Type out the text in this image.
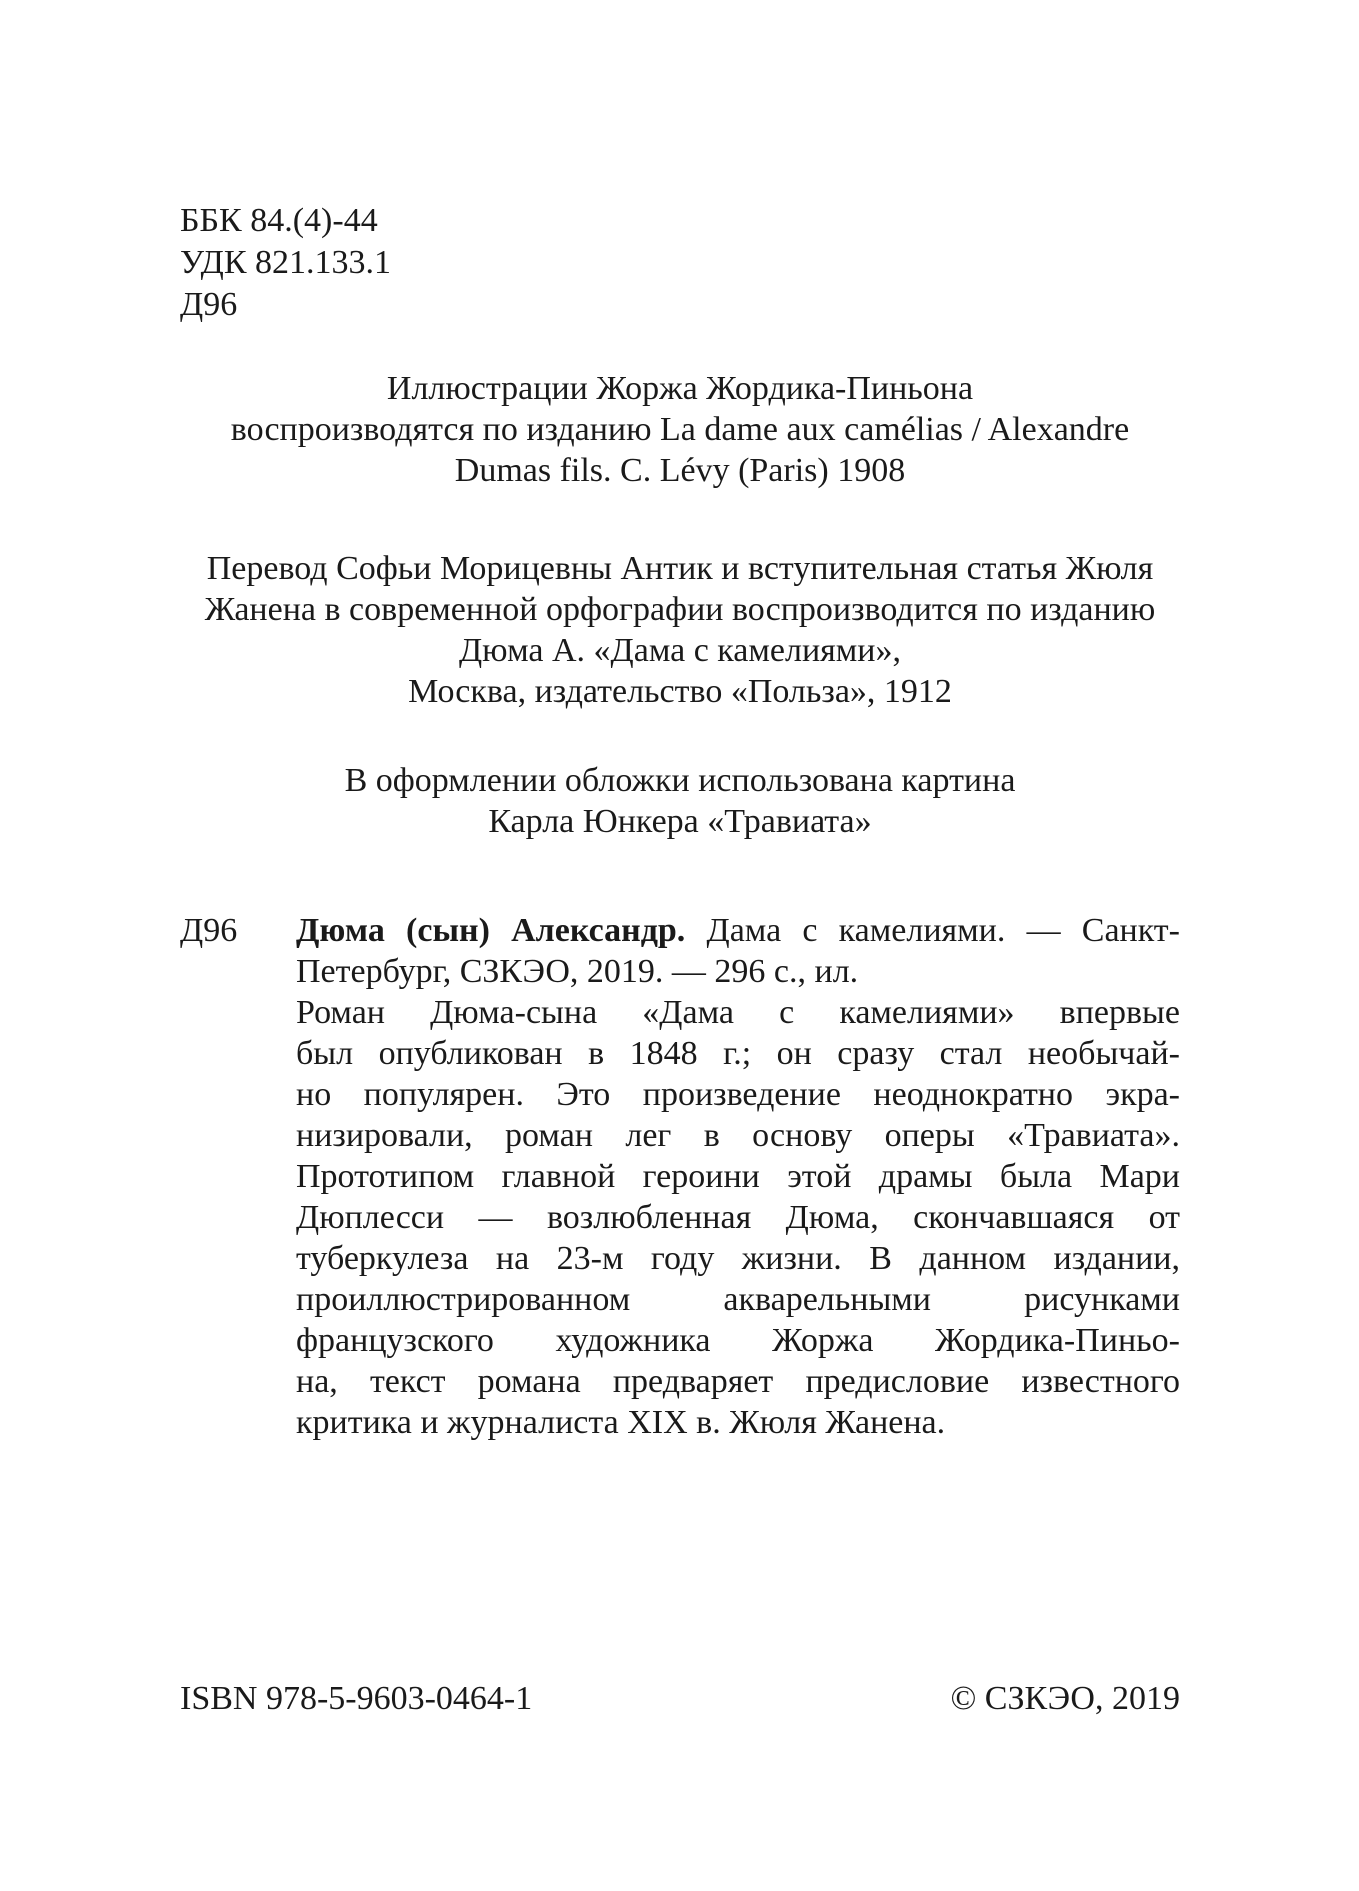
ББК 84.(4)-44
УДК 821.133.1
Д96
Иллюстрации Жоржа Жордика-Пиньона
воспроизводятся по изданию La dame aux camélias / Alexandre
Dumas fils. C. Lévy (Paris) 1908
Перевод Софьи Морицевны Антик и вступительная статья Жюля
Жанена в современной орфографии воспроизводится по изданию
Дюма А. «Дама с камелиями»,
Москва, издательство «Польза», 1912
В оформлении обложки использована картина
Карла Юнкера «Травиата»
Д96 Дюма (сын) Александр. Дама с камелиями. — Санкт-
Петербург, СЗКЭО, 2019. — 296 с., ил.
Роман Дюма-сына «Дама с камелиями» впервые
был опубликован в 1848 г.; он сразу стал необычай-
но популярен. Это произведение неоднократно экра-
низировали, роман лег в основу оперы «Травиата».
Прототипом главной героини этой драмы была Мари
Дюплесси — возлюбленная Дюма, скончавшаяся от
туберкулеза на 23-м году жизни. В данном издании,
проиллюстрированном акварельными рисунками
французского художника Жоржа Жордика-Пиньо-
на, текст романа предваряет предисловие известного
критика и журналиста XIX в. Жюля Жанена.
ISBN 978-5-9603-0464-1	© СЗКЭО, 2019
